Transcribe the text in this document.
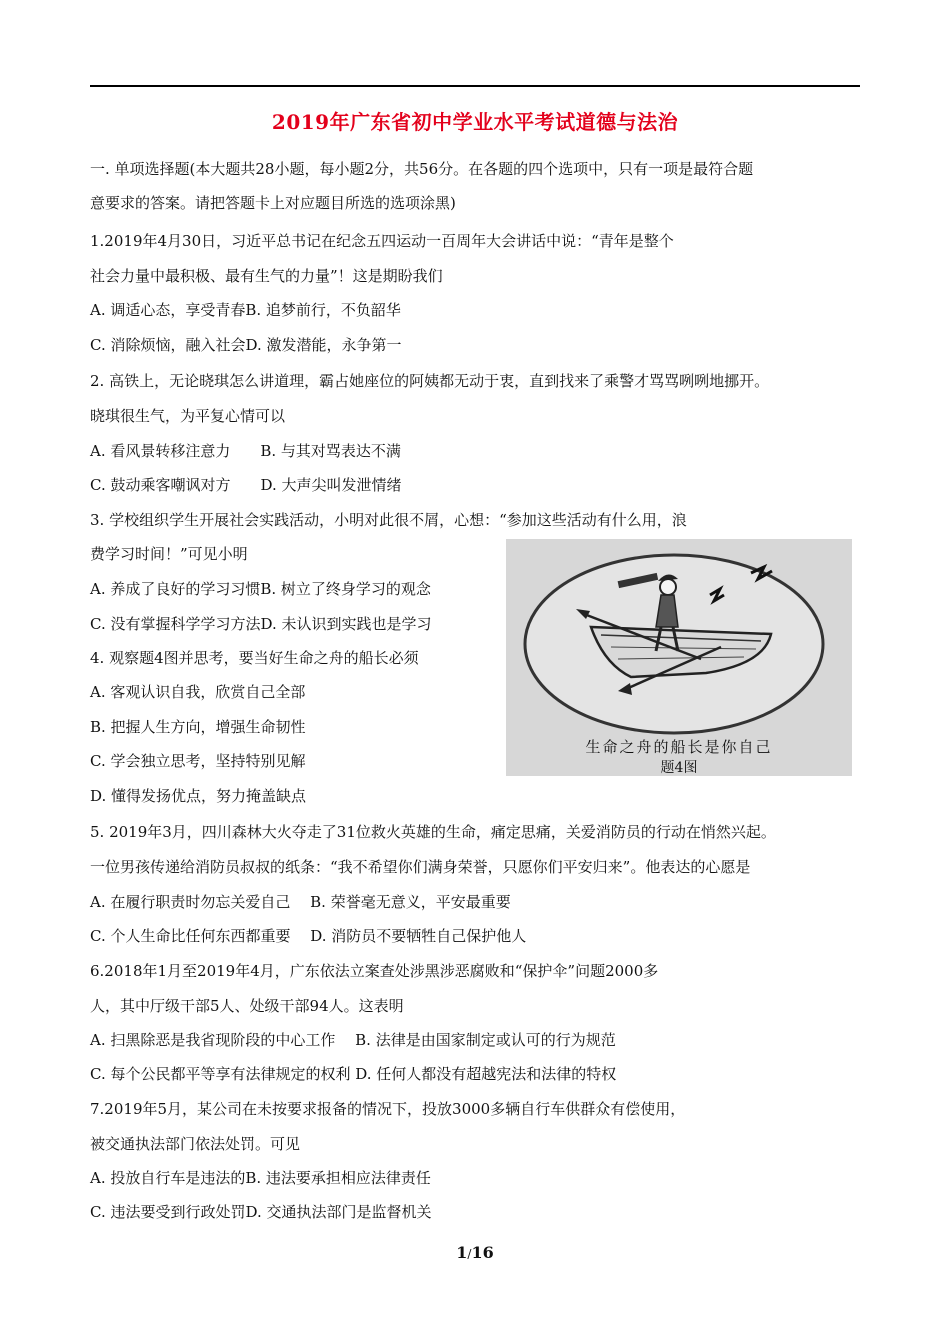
2019年广东省初中学业水平考试道德与法治
一. 单项选择题(本大题共28小题，每小题2分，共56分。在各题的四个选项中，只有一项是最符合题
意要求的答案。请把答题卡上对应题目所选的选项涂黑)
1.2019年4月30日，习近平总书记在纪念五四运动一百周年大会讲话中说：“青年是整个
社会力量中最积极、最有生气的力量”！这是期盼我们
A. 调适心态，享受青春B. 追梦前行，不负韶华
C. 消除烦恼，融入社会D. 激发潜能，永争第一
2. 高铁上，无论晓琪怎么讲道理，霸占她座位的阿姨都无动于衷，直到找来了乘警才骂骂咧咧地挪开。
晓琪很生气，为平复心情可以
A. 看风景转移注意力　　B. 与其对骂表达不满
C. 鼓动乘客嘲讽对方　　D. 大声尖叫发泄情绪
3. 学校组织学生开展社会实践活动，小明对此很不屑，心想：“参加这些活动有什么用，浪
费学习时间！”可见小明
A. 养成了良好的学习习惯B. 树立了终身学习的观念
C. 没有掌握科学学习方法D. 未认识到实践也是学习
4. 观察题4图并思考，要当好生命之舟的船长必须
A. 客观认识自我，欣赏自己全部
B. 把握人生方向，增强生命韧性
C. 学会独立思考，坚持特别见解
D. 懂得发扬优点，努力掩盖缺点
5. 2019年3月，四川森林大火夺走了31位救火英雄的生命，痛定思痛，关爱消防员的行动在悄然兴起。
一位男孩传递给消防员叔叔的纸条：“我不希望你们满身荣誉，只愿你们平安归来”。他表达的心愿是
A. 在履行职责时勿忘关爱自己　 B. 荣誉毫无意义，平安最重要
C. 个人生命比任何东西都重要　 D. 消防员不要牺牲自己保护他人
6.2018年1月至2019年4月，广东依法立案查处涉黑涉恶腐败和“保护伞”问题2000多
人，其中厅级干部5人、处级干部94人。这表明
A. 扫黑除恶是我省现阶段的中心工作　 B. 法律是由国家制定或认可的行为规范
C. 每个公民都平等享有法律规定的权利 D. 任何人都没有超越宪法和法律的特权
7.2019年5月，某公司在未按要求报备的情况下，投放3000多辆自行车供群众有偿使用，
被交通执法部门依法处罚。可见
A. 投放自行车是违法的B. 违法要承担相应法律责任
C. 违法要受到行政处罚D. 交通执法部门是监督机关
生命之舟的船长是你自己
题4图
1/16
